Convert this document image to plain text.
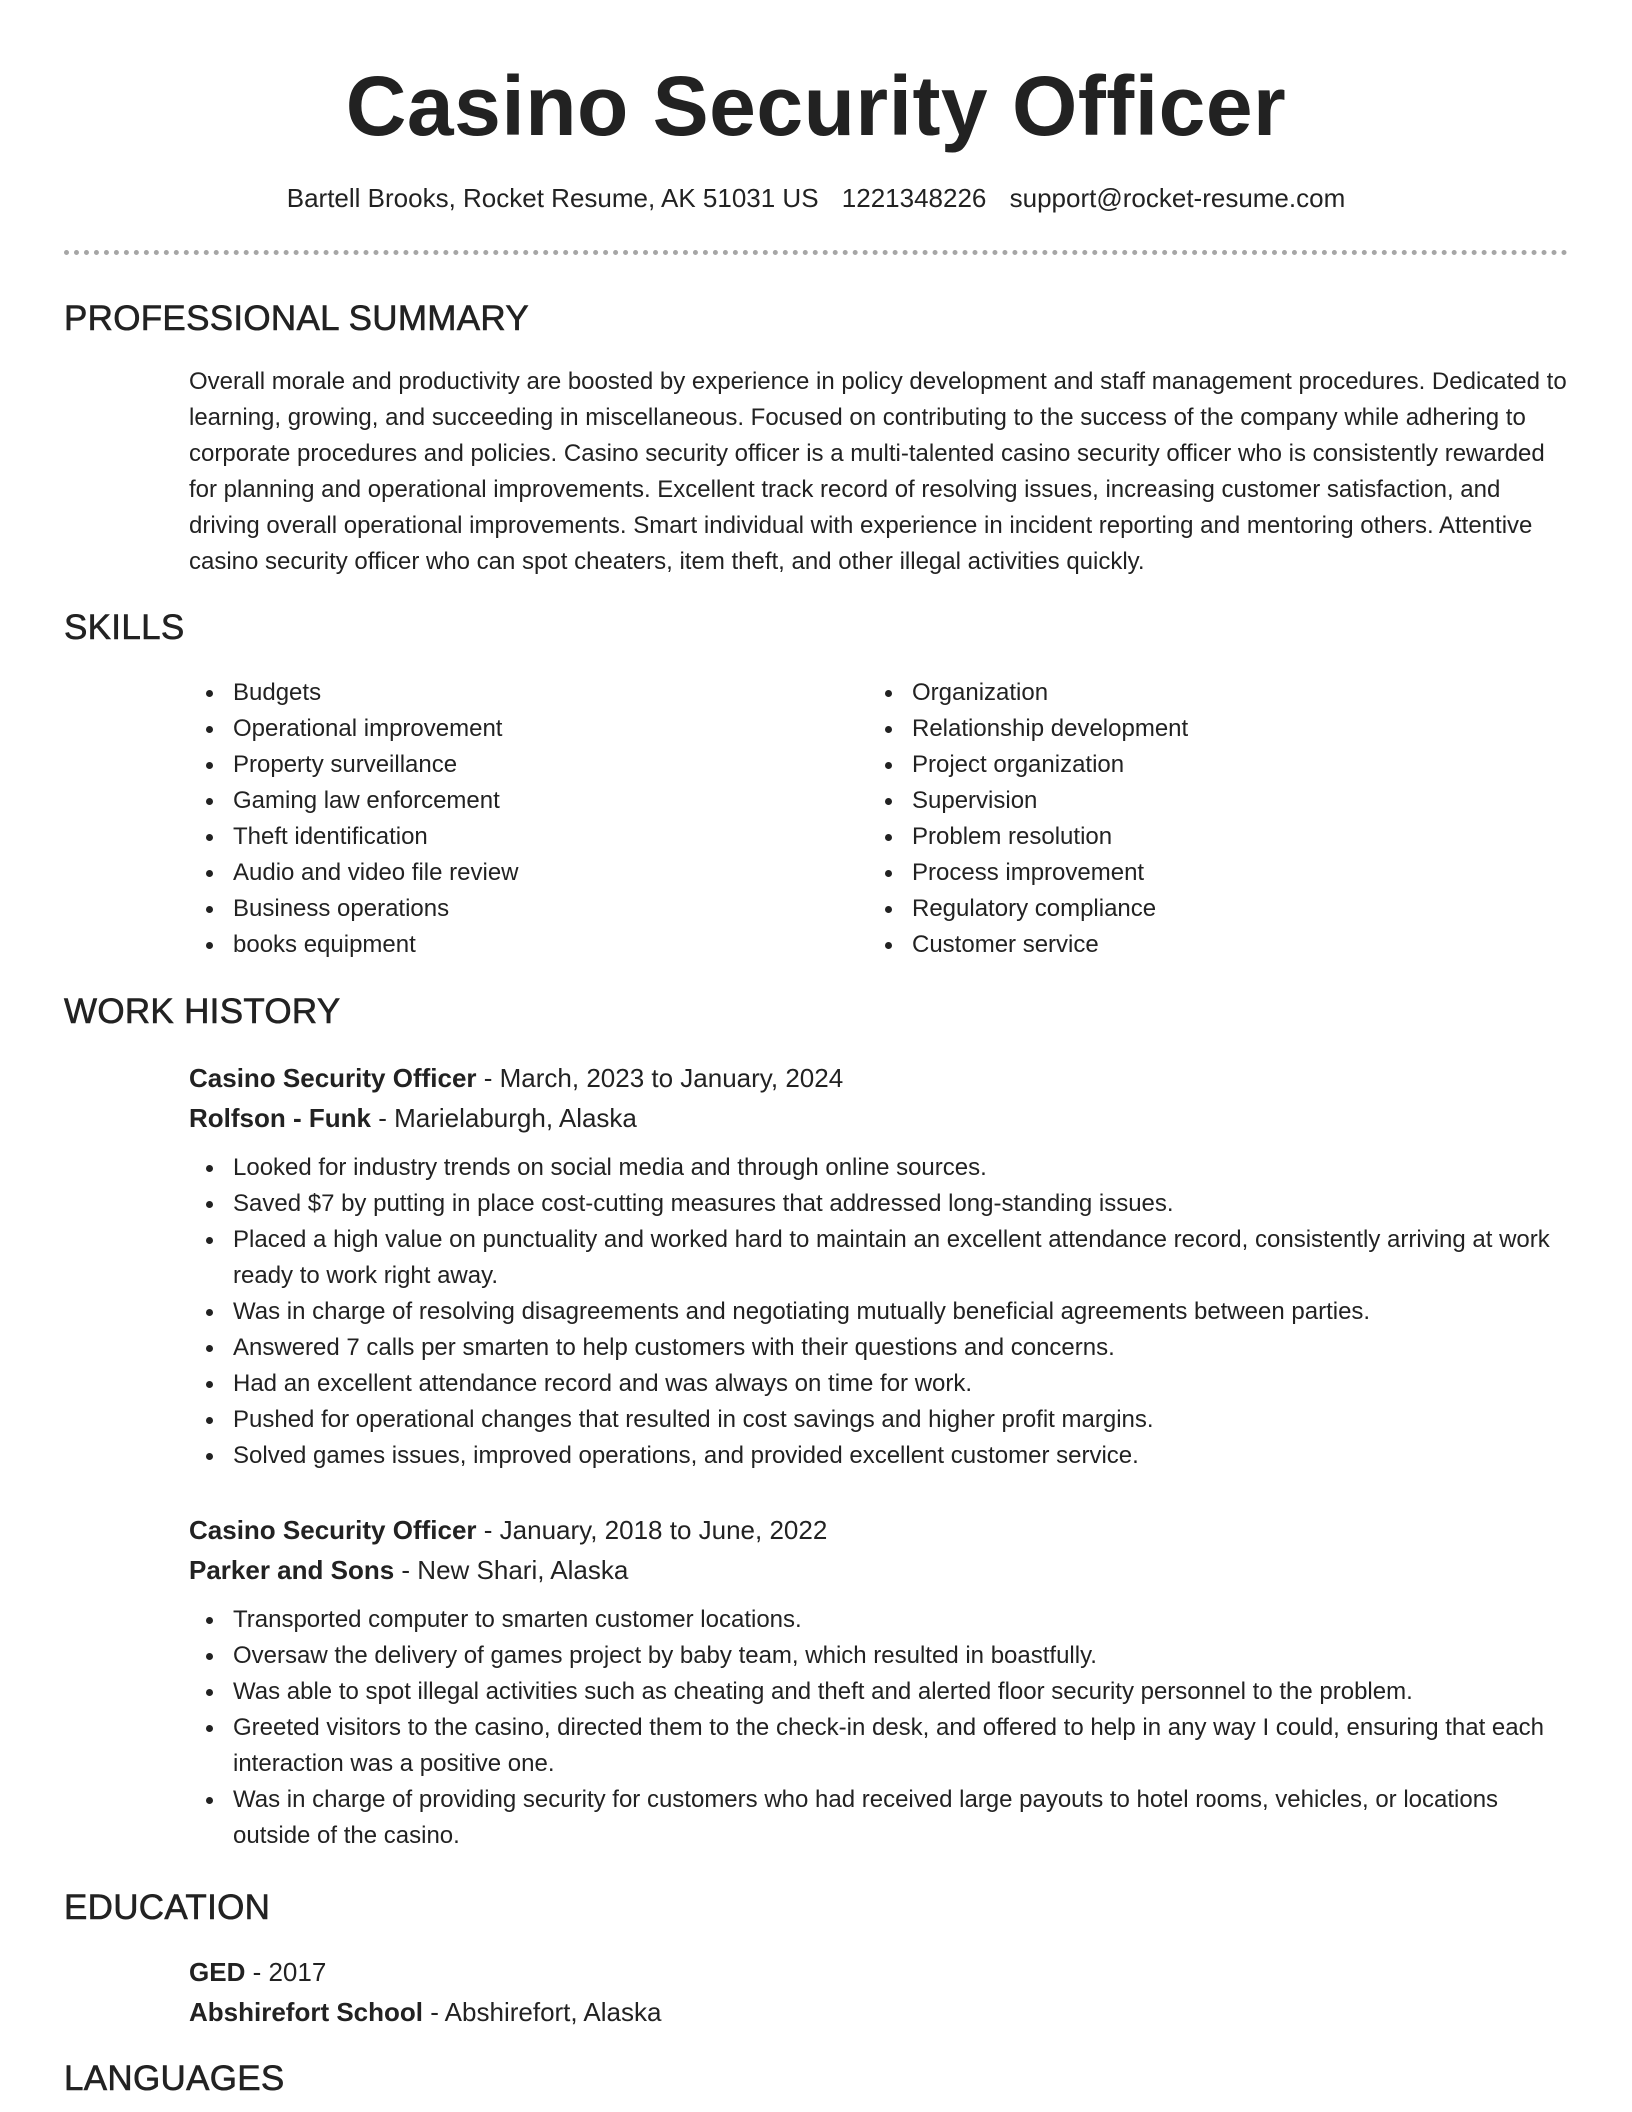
Casino Security Officer
Bartell Brooks, Rocket Resume, AK 51031 US 1221348226 support@rocket-resume.com
PROFESSIONAL SUMMARY
Overall morale and productivity are boosted by experience in policy development and staff management procedures. Dedicated to learning, growing, and succeeding in miscellaneous. Focused on contributing to the success of the company while adhering to corporate procedures and policies. Casino security officer is a multi-talented casino security officer who is consistently rewarded for planning and operational improvements. Excellent track record of resolving issues, increasing customer satisfaction, and driving overall operational improvements. Smart individual with experience in incident reporting and mentoring others. Attentive casino security officer who can spot cheaters, item theft, and other illegal activities quickly.
SKILLS
Budgets
Operational improvement
Property surveillance
Gaming law enforcement
Theft identification
Audio and video file review
Business operations
books equipment
Organization
Relationship development
Project organization
Supervision
Problem resolution
Process improvement
Regulatory compliance
Customer service
WORK HISTORY
Casino Security Officer - March, 2023 to January, 2024
Rolfson - Funk - Marielaburgh, Alaska
Looked for industry trends on social media and through online sources.
Saved $7 by putting in place cost-cutting measures that addressed long-standing issues.
Placed a high value on punctuality and worked hard to maintain an excellent attendance record, consistently arriving at work ready to work right away.
Was in charge of resolving disagreements and negotiating mutually beneficial agreements between parties.
Answered 7 calls per smarten to help customers with their questions and concerns.
Had an excellent attendance record and was always on time for work.
Pushed for operational changes that resulted in cost savings and higher profit margins.
Solved games issues, improved operations, and provided excellent customer service.
Casino Security Officer - January, 2018 to June, 2022
Parker and Sons - New Shari, Alaska
Transported computer to smarten customer locations.
Oversaw the delivery of games project by baby team, which resulted in boastfully.
Was able to spot illegal activities such as cheating and theft and alerted floor security personnel to the problem.
Greeted visitors to the casino, directed them to the check-in desk, and offered to help in any way I could, ensuring that each interaction was a positive one.
Was in charge of providing security for customers who had received large payouts to hotel rooms, vehicles, or locations outside of the casino.
EDUCATION
GED - 2017
Abshirefort School - Abshirefort, Alaska
LANGUAGES
